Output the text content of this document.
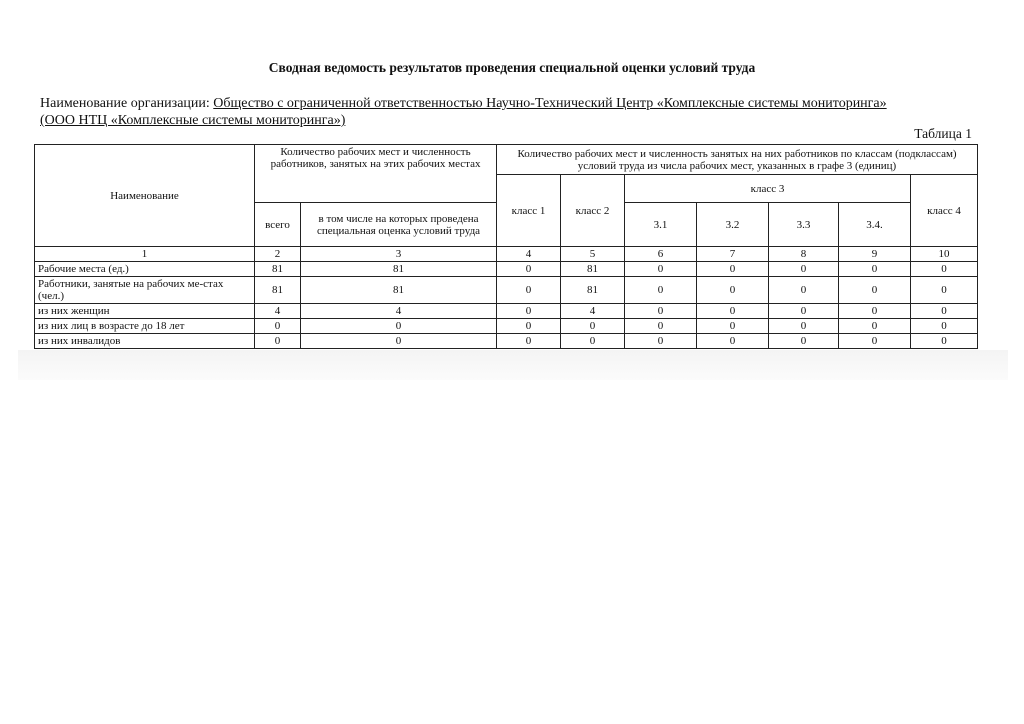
Сводная ведомость результатов проведения специальной оценки условий труда
Наименование организации: Общество с ограниченной ответственностью Научно-Технический Центр «Комплексные системы мониторинга»
(ООО НТЦ «Комплексные системы мониторинга»)
Таблица 1
Наименование	Количество рабочих мест и численность работников, занятых на этих рабочих местах		Количество рабочих мест и численность занятых на них работников по классам (подклассам) условий труда из числа рабочих мест, указанных в графе 3 (единиц)						
			класс 1	класс 2	класс 3				класс 4
	всего	в том числе на которых проведена специальная оценка условий труда			3.1	3.2	3.3	3.4.	
1	2	3	4	5	6	7	8	9	10
Рабочие места (ед.)	81	81	0	81	0	0	0	0	0
Работники, занятые на рабочих ме-стах (чел.)	81	81	0	81	0	0	0	0	0
из них женщин	4	4	0	4	0	0	0	0	0
из них лиц в возрасте до 18 лет	0	0	0	0	0	0	0	0	0
из них инвалидов	0	0	0	0	0	0	0	0	0
